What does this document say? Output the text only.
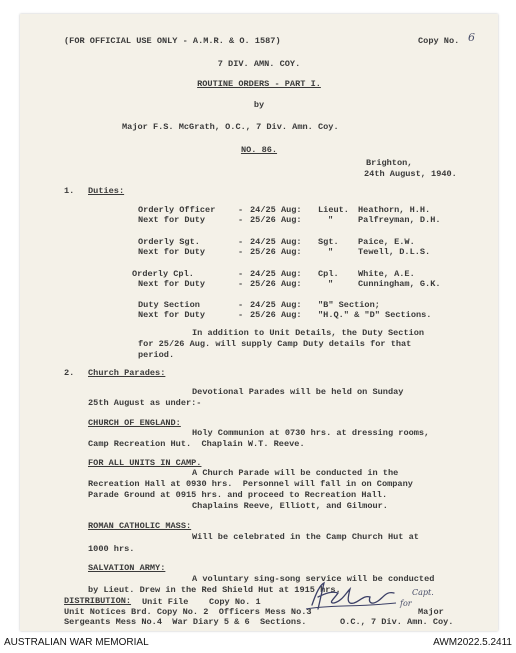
(FOR OFFICIAL USE ONLY - A.M.R. & O. 1587)	Copy No. 6
7 DIV. AMN. COY.
ROUTINE ORDERS - PART I.
by
Major F.S. McGrath, O.C., 7 Div. Amn. Coy.
NO. 86.
Brighton,
24th August, 1940.
1. Duties:
Orderly Officer	- 24/25 Aug: Lieut. Heathorn, H.H.
Next for Duty	- 25/26 Aug:	"	Palfreyman, D.H.
Orderly Sgt.	- 24/25 Aug: Sgt. Paice, E.W.
Next for Duty	- 25/26 Aug:	"	Tewell, D.L.S.
Orderly Cpl.	- 24/25 Aug: Cpl. White, A.E.
Next for Duty	- 25/26 Aug:	"	Cunningham, G.K.
Duty Section	- 24/25 Aug: "B" Section;
Next for Duty	- 25/26 Aug: "H.Q." & "D" Sections.
In addition to Unit Details, the Duty Section
for 25/26 Aug. will supply Camp Duty details for that
period.
2. Church Parades:
Devotional Parades will be held on Sunday
25th August as under:-
CHURCH OF ENGLAND:
Holy Communion at 0730 hrs. at dressing rooms,
Camp Recreation Hut.  Chaplain W.T. Reeve.
FOR ALL UNITS IN CAMP.
A Church Parade will be conducted in the
Recreation Hall at 0930 hrs.  Personnel will fall in on Company
Parade Ground at 0915 hrs. and proceed to Recreation Hall.
Chaplains Reeve, Elliott, and Gilmour.
ROMAN CATHOLIC MASS:
Will be celebrated in the Camp Church Hut at
1000 hrs.
SALVATION ARMY:
A voluntary sing-song service will be conducted
by Lieut. Drew in the Red Shield Hut at 1915 hrs.
DISTRIBUTION: Unit File    Copy No. 1
Unit Notices Brd. Copy No. 2  Officers Mess No.3
Sergeants Mess No.4  War Diary 5 & 6  Sections.
Major
O.C., 7 Div. Amn. Coy.
for
Capt.
AUSTRALIAN WAR MEMORIAL	AWM2022.5.2411
